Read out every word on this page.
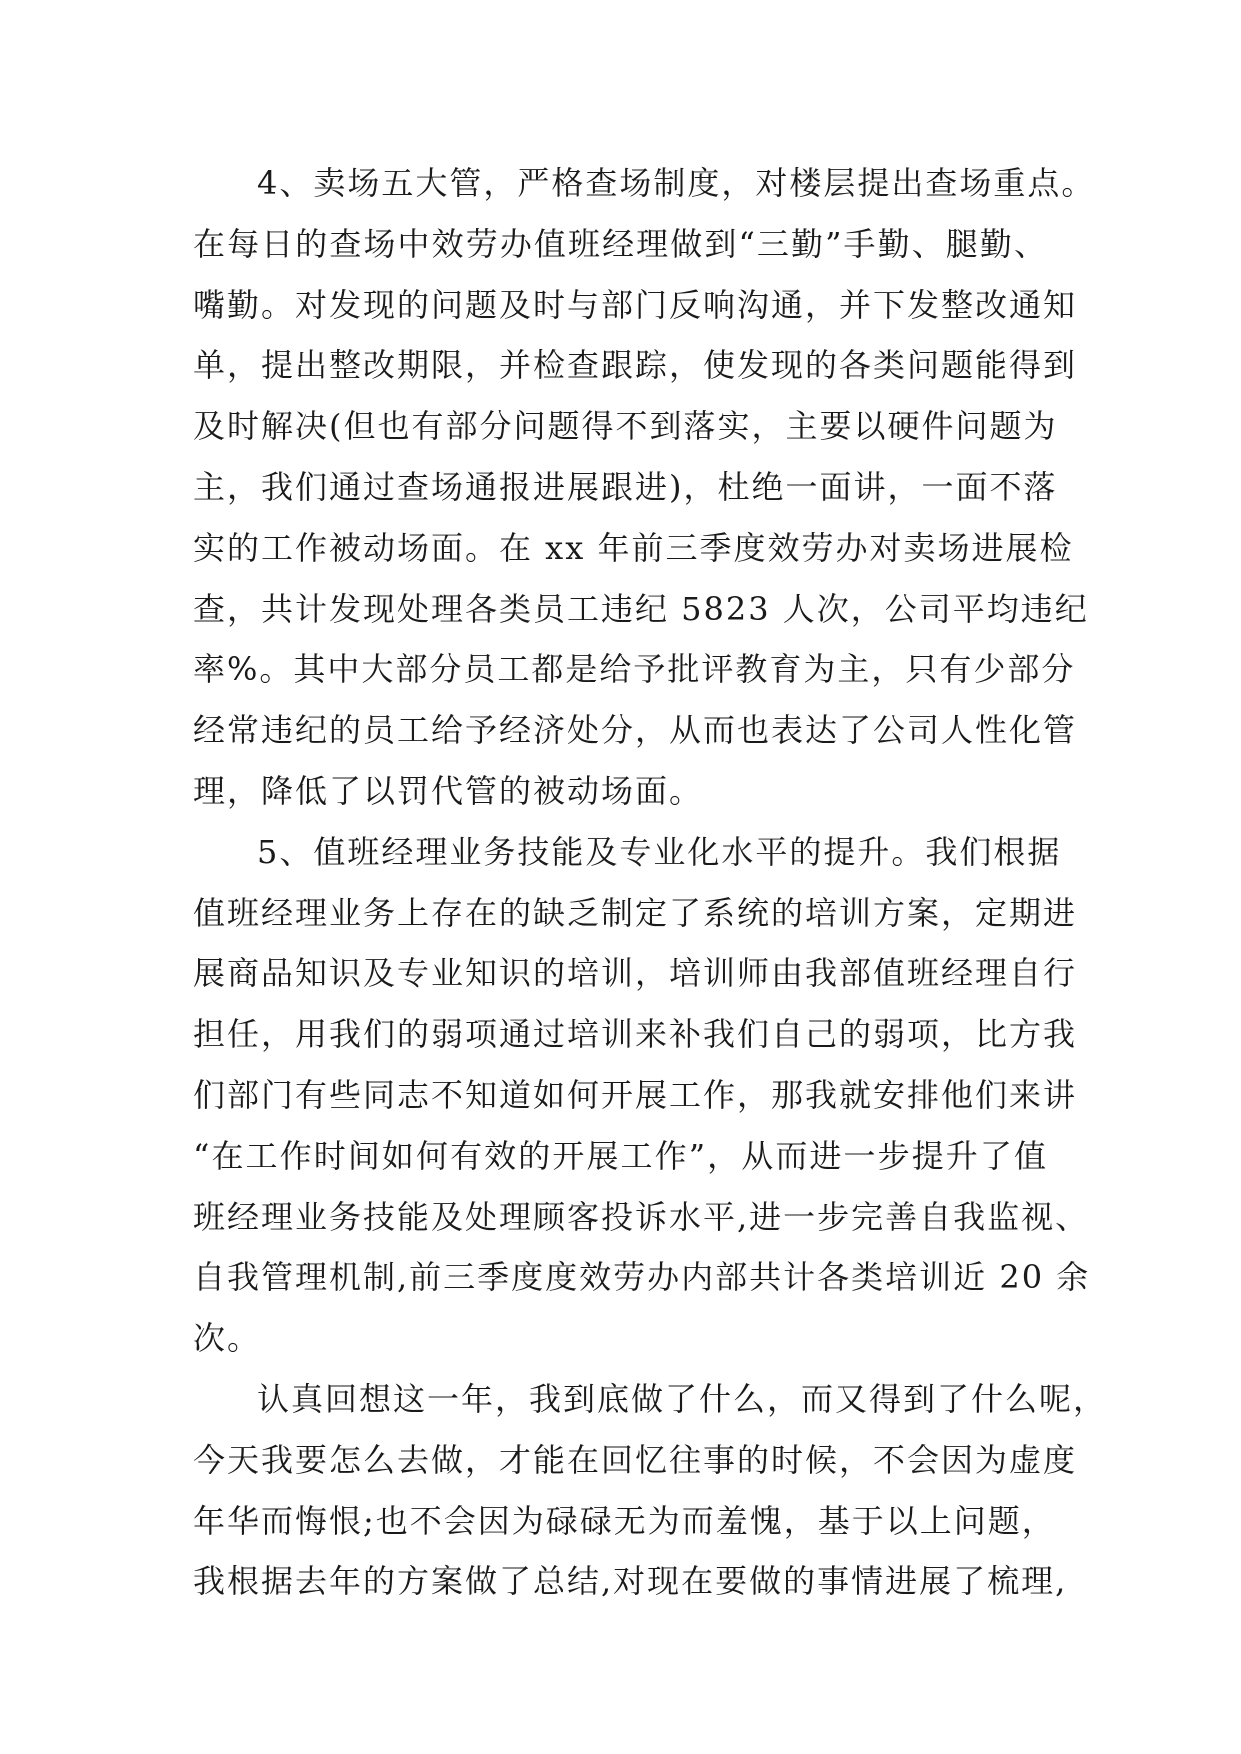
4、卖场五大管，严格查场制度，对楼层提出查场重点。
在每日的查场中效劳办值班经理做到“三勤”手勤、腿勤、
嘴勤。对发现的问题及时与部门反响沟通，并下发整改通知
单，提出整改期限，并检查跟踪，使发现的各类问题能得到
及时解决(但也有部分问题得不到落实，主要以硬件问题为
主，我们通过查场通报进展跟进)，杜绝一面讲，一面不落
实的工作被动场面。在 xx 年前三季度效劳办对卖场进展检
查，共计发现处理各类员工违纪 5823 人次，公司平均违纪
率%。其中大部分员工都是给予批评教育为主，只有少部分
经常违纪的员工给予经济处分，从而也表达了公司人性化管
理，降低了以罚代管的被动场面。
5、值班经理业务技能及专业化水平的提升。我们根据
值班经理业务上存在的缺乏制定了系统的培训方案，定期进
展商品知识及专业知识的培训，培训师由我部值班经理自行
担任，用我们的弱项通过培训来补我们自己的弱项，比方我
们部门有些同志不知道如何开展工作，那我就安排他们来讲
“在工作时间如何有效的开展工作”，从而进一步提升了值
班经理业务技能及处理顾客投诉水平,进一步完善自我监视、
自我管理机制,前三季度度效劳办内部共计各类培训近 20 余
次。
认真回想这一年，我到底做了什么，而又得到了什么呢，
今天我要怎么去做，才能在回忆往事的时候，不会因为虚度
年华而悔恨;也不会因为碌碌无为而羞愧，基于以上问题，
我根据去年的方案做了总结,对现在要做的事情进展了梳理,
